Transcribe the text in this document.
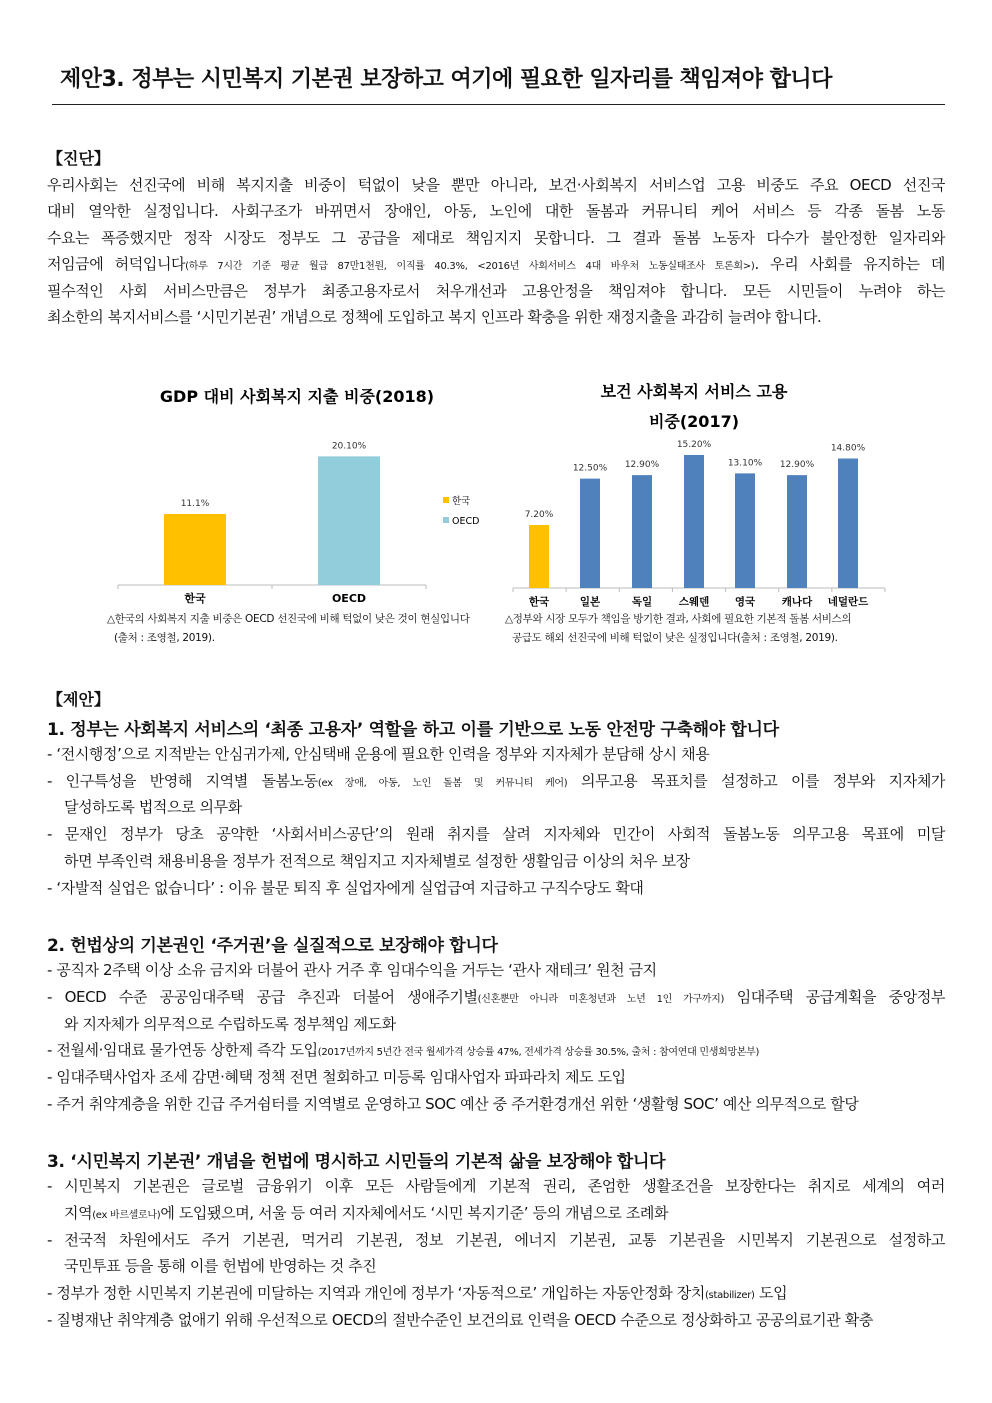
제안3. 정부는 시민복지 기본권 보장하고 여기에 필요한 일자리를 책임져야 합니다
【진단】
【제안】
1. 정부는 사회복지 서비스의 ‘최종 고용자’ 역할을 하고 이를 기반으로 노동 안전망 구축해야 합니다
2. 헌법상의 기본권인 ‘주거권’을 실질적으로 보장해야 합니다
3. ‘시민복지 기본권’ 개념을 헌법에 명시하고 시민들의 기본적 삶을 보장해야 합니다
GDP 대비 사회복지 지출 비중(2018)
11.1%
한국
20.10%
OECD
한국
OECD
△한국의 사회복지 지출 비중은 OECD 선진국에 비해 턱없이 낮은 것이 현실입니다
(출처 : 조영철, 2019).
보건 사회복지 서비스 고용
비중(2017)
7.20%
한국
12.50%
일본
12.90%
독일
15.20%
스웨덴
13.10%
영국
12.90%
캐나다
14.80%
네덜란드
△정부와 시장 모두가 책임을 방기한 결과, 사회에 필요한 기본적 돌봄 서비스의
공급도 해외 선진국에 비해 턱없이 낮은 실정입니다(출처 : 조영철, 2019).
우리사회는 선진국에 비해 복지지출 비중이 턱없이 낮을 뿐만 아니라, 보건·사회복지 서비스업 고용 비중도 주요 OECD 선진국
대비 열악한 실정입니다. 사회구조가 바뀌면서 장애인, 아동, 노인에 대한 돌봄과 커뮤니티 케어 서비스 등 각종 돌봄 노동
수요는 폭증했지만 정작 시장도 정부도 그 공급을 제대로 책임지지 못합니다. 그 결과 돌봄 노동자 다수가 불안정한 일자리와
저임금에 허덕입니다(하루 7시간 기준 평균 월급 87만1천원, 이직률 40.3%, <2016년 사회서비스 4대 바우처 노동실태조사 토론회>). 우리 사회를 유지하는 데
필수적인 사회 서비스만큼은 정부가 최종고용자로서 처우개선과 고용안정을 책임져야 합니다. 모든 시민들이 누려야 하는
최소한의 복지서비스를 ‘시민기본권’ 개념으로 정책에 도입하고 복지 인프라 확충을 위한 재정지출을 과감히 늘려야 합니다.
- ‘전시행정’으로 지적받는 안심귀가제, 안심택배 운용에 필요한 인력을 정부와 지자체가 분담해 상시 채용
- 인구특성을 반영해 지역별 돌봄노동(ex 장애, 아동, 노인 돌봄 및 커뮤니티 케어) 의무고용 목표치를 설정하고 이를 정부와 지자체가
달성하도록 법적으로 의무화
- 문재인 정부가 당초 공약한 ‘사회서비스공단’의 원래 취지를 살려 지자체와 민간이 사회적 돌봄노동 의무고용 목표에 미달
하면 부족인력 채용비용을 정부가 전적으로 책임지고 지자체별로 설정한 생활임금 이상의 처우 보장
- ‘자발적 실업은 없습니다’ : 이유 불문 퇴직 후 실업자에게 실업급여 지급하고 구직수당도 확대
- 공직자 2주택 이상 소유 금지와 더불어 관사 거주 후 임대수익을 거두는 ‘관사 재테크’ 원천 금지
- OECD 수준 공공임대주택 공급 추진과 더불어 생애주기별(신혼뿐만 아니라 미혼청년과 노년 1인 가구까지) 임대주택 공급계획을 중앙정부
와 지자체가 의무적으로 수립하도록 정부책임 제도화
- 전월세·임대료 물가연동 상한제 즉각 도입(2017년까지 5년간 전국 월세가격 상승률 47%, 전세가격 상승률 30.5%, 출처 : 참여연대 민생희망본부)
- 임대주택사업자 조세 감면·혜택 정책 전면 철회하고 미등록 임대사업자 파파라치 제도 도입
- 주거 취약계층을 위한 긴급 주거쉼터를 지역별로 운영하고 SOC 예산 중 주거환경개선 위한 ‘생활형 SOC’ 예산 의무적으로 할당
- 시민복지 기본권은 글로벌 금융위기 이후 모든 사람들에게 기본적 권리, 존엄한 생활조건을 보장한다는 취지로 세계의 여러
지역(ex 바르셀로나)에 도입됐으며, 서울 등 여러 지자체에서도 ‘시민 복지기준’ 등의 개념으로 조례화
- 전국적 차원에서도 주거 기본권, 먹거리 기본권, 정보 기본권, 에너지 기본권, 교통 기본권을 시민복지 기본권으로 설정하고
국민투표 등을 통해 이를 헌법에 반영하는 것 추진
- 정부가 정한 시민복지 기본권에 미달하는 지역과 개인에 정부가 ‘자동적으로’ 개입하는 자동안정화 장치(stabilizer) 도입
- 질병재난 취약계층 없애기 위해 우선적으로 OECD의 절반수준인 보건의료 인력을 OECD 수준으로 정상화하고 공공의료기관 확충
